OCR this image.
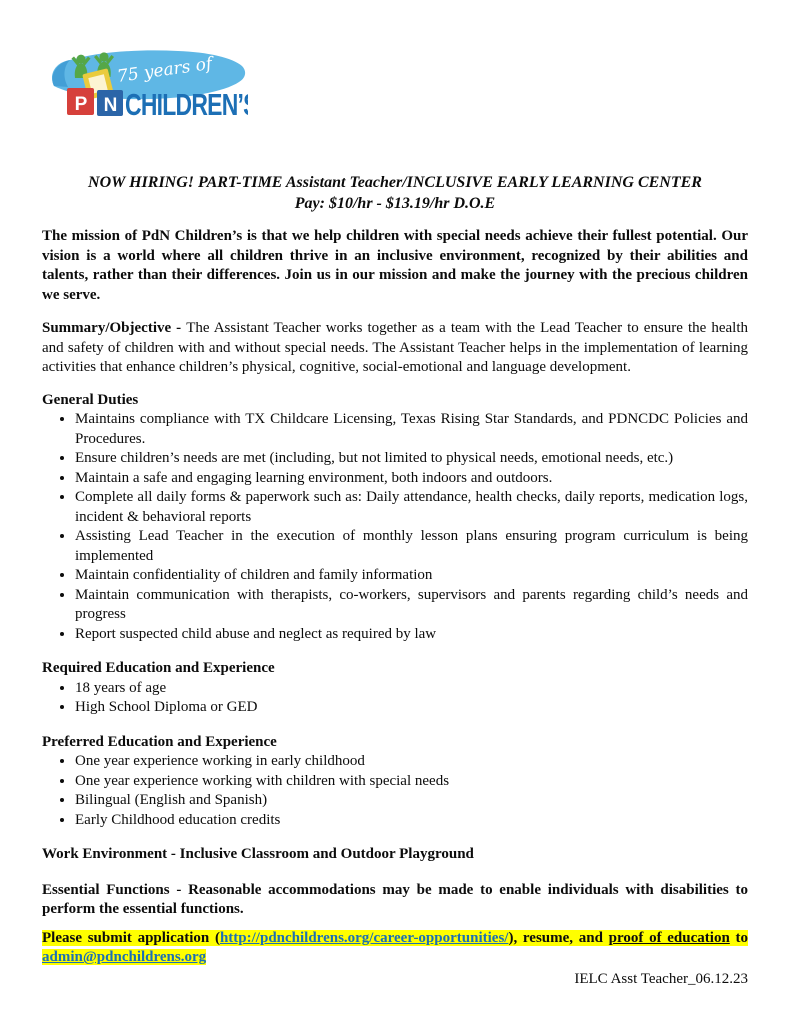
P N
75 years of
CHILDREN’S
NOW HIRING! PART-TIME Assistant Teacher/INCLUSIVE EARLY LEARNING CENTER
Pay: $10/hr - $13.19/hr D.O.E

The mission of PdN Children’s is that we help children with special needs achieve their fullest potential. Our vision is a world where all children thrive in an inclusive environment, recognized by their abilities and talents, rather than their differences. Join us in our mission and make the journey with the precious children we serve.

Summary/Objective - The Assistant Teacher works together as a team with the Lead Teacher to ensure the health and safety of children with and without special needs. The Assistant Teacher helps in the implementation of learning activities that enhance children’s physical, cognitive, social-emotional and language development.

General Duties
• Maintains compliance with TX Childcare Licensing, Texas Rising Star Standards, and PDNCDC Policies and Procedures.
• Ensure children’s needs are met (including, but not limited to physical needs, emotional needs, etc.)
• Maintain a safe and engaging learning environment, both indoors and outdoors.
• Complete all daily forms & paperwork such as: Daily attendance, health checks, daily reports, medication logs, incident & behavioral reports
• Assisting Lead Teacher in the execution of monthly lesson plans ensuring program curriculum is being implemented
• Maintain confidentiality of children and family information
• Maintain communication with therapists, co-workers, supervisors and parents regarding child’s needs and progress
• Report suspected child abuse and neglect as required by law
Required Education and Experience
• 18 years of age
• High School Diploma or GED
Preferred Education and Experience
• One year experience working in early childhood
• One year experience working with children with special needs
• Bilingual (English and Spanish)
• Early Childhood education credits

Work Environment - Inclusive Classroom and Outdoor Playground

Essential Functions - Reasonable accommodations may be made to enable individuals with disabilities to perform the essential functions.

Please submit application (http://pdnchildrens.org/career-opportunities/), resume, and proof of education to admin@pdnchildrens.org

IELC Asst Teacher_06.12.23
